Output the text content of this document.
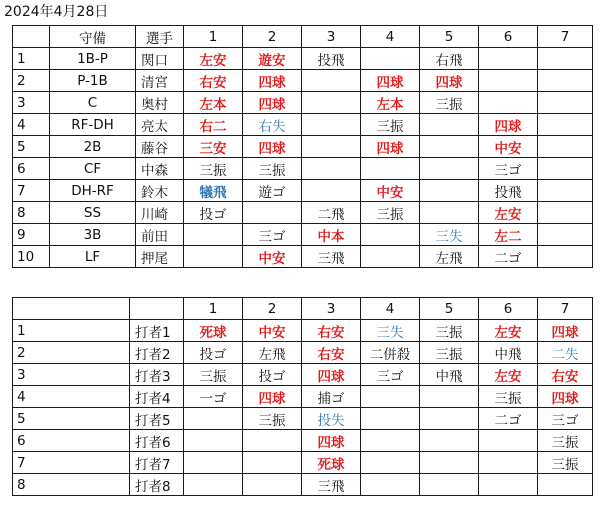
2024年4月28日
	守備	選手	1	2	3	4	5	6	7
1	1B-P	関口	左安	遊安	投飛		右飛		
2	P-1B	清宮	右安	四球		四球	四球		
3	C	奥村	左本	四球		左本	三振		
4	RF-DH	亮太	右二	右失		三振		四球	
5	2B	藤谷	三安	四球		四球		中安	
6	CF	中森	三振	三振				三ゴ	
7	DH-RF	鈴木	犠飛	遊ゴ		中安		投飛	
8	SS	川崎	投ゴ		二飛	三振		左安	
9	3B	前田		三ゴ	中本		三失	左二	
10	LF	押尾		中安	三飛		左飛	二ゴ	
		1	2	3	4	5	6	7
1	打者1	死球	中安	右安	三失	三振	左安	四球
2	打者2	投ゴ	左飛	右安	二併殺	三振	中飛	二失
3	打者3	三振	投ゴ	四球	三ゴ	中飛	左安	右安
4	打者4	一ゴ	四球	捕ゴ			三振	四球
5	打者5		三振	投失			二ゴ	三ゴ
6	打者6			四球				三振
7	打者7			死球				三振
8	打者8			三飛				
